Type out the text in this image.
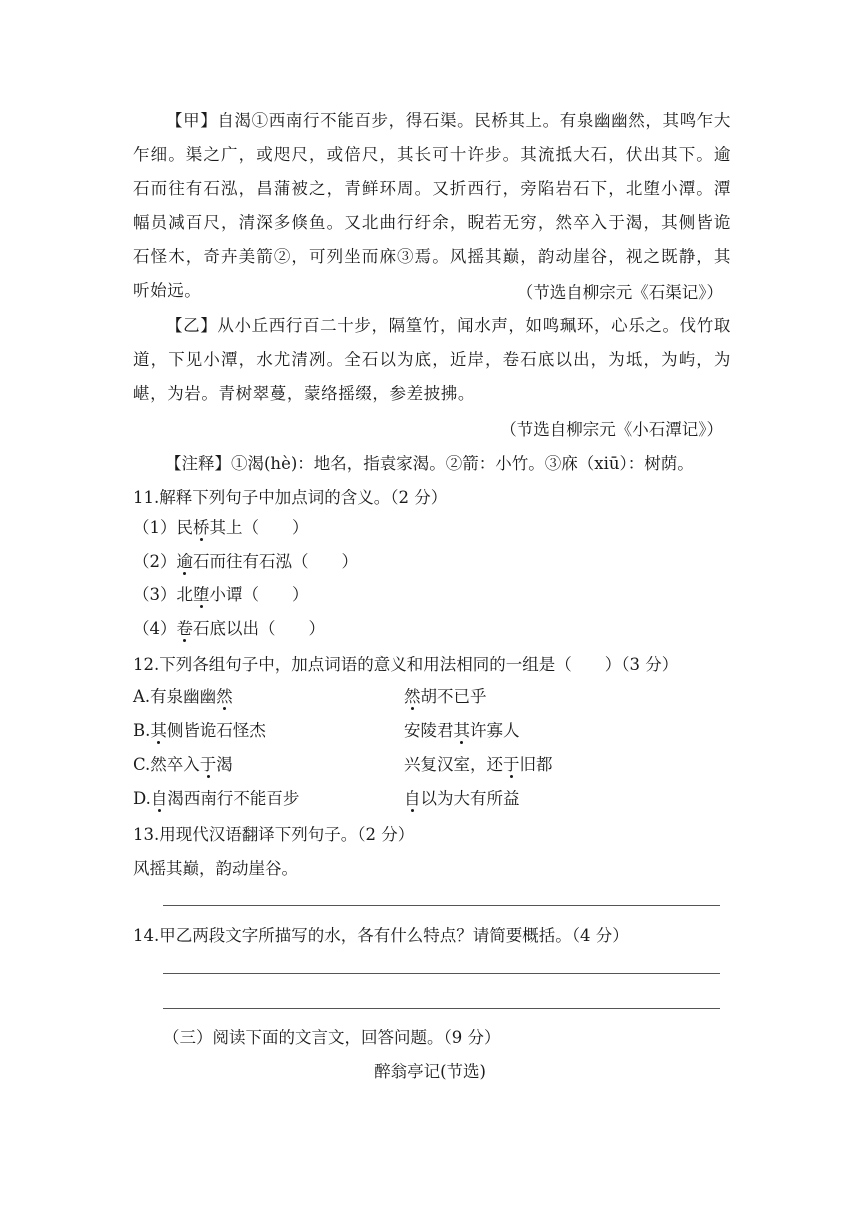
【甲】自渴①西南行不能百步，得石渠。民桥其上。有泉幽幽然，其鸣乍大乍细。渠之广，或咫尺，或倍尺，其长可十许步。其流抵大石，伏出其下。逾石而往有石泓，昌蒲被之，青鲜环周。又折西行，旁陷岩石下，北堕小潭。潭幅员减百尺，清深多倏鱼。又北曲行纡余，睨若无穷，然卒入于渴，其侧皆诡石怪木，奇卉美箭②，可列坐而庥③焉。风摇其巅，韵动崖谷，视之既静，其听始远。	（节选自柳宗元《石渠记》）
【乙】从小丘西行百二十步，隔篁竹，闻水声，如鸣珮环，心乐之。伐竹取道，下见小潭，水尤清冽。全石以为底，近岸，卷石底以出，为坻，为屿，为嵁，为岩。青树翠蔓，蒙络摇缀，参差披拂。
（节选自柳宗元《小石潭记》）
【注释】①渴(hè)：地名，指袁家渴。②箭：小竹。③庥（xiū）：树荫。
11.解释下列句子中加点词的含义。（2 分）
（1）民桥其上（　　）
（2）逾石而往有石泓（　　）
（3）北堕小谭（　　）
（4）卷石底以出（　　）
12.下列各组句子中，加点词语的意义和用法相同的一组是（　　）（3 分）
A.有泉幽幽然	然胡不已乎
B.其侧皆诡石怪杰	安陵君其许寡人
C.然卒入于渴	兴复汉室，还于旧都
D.自渴西南行不能百步	自以为大有所益
13.用现代汉语翻译下列句子。（2 分）
风摇其巅，韵动崖谷。
14.甲乙两段文字所描写的水，各有什么特点？请简要概括。（4 分）
（三）阅读下面的文言文，回答问题。（9 分）
醉翁亭记(节选)
